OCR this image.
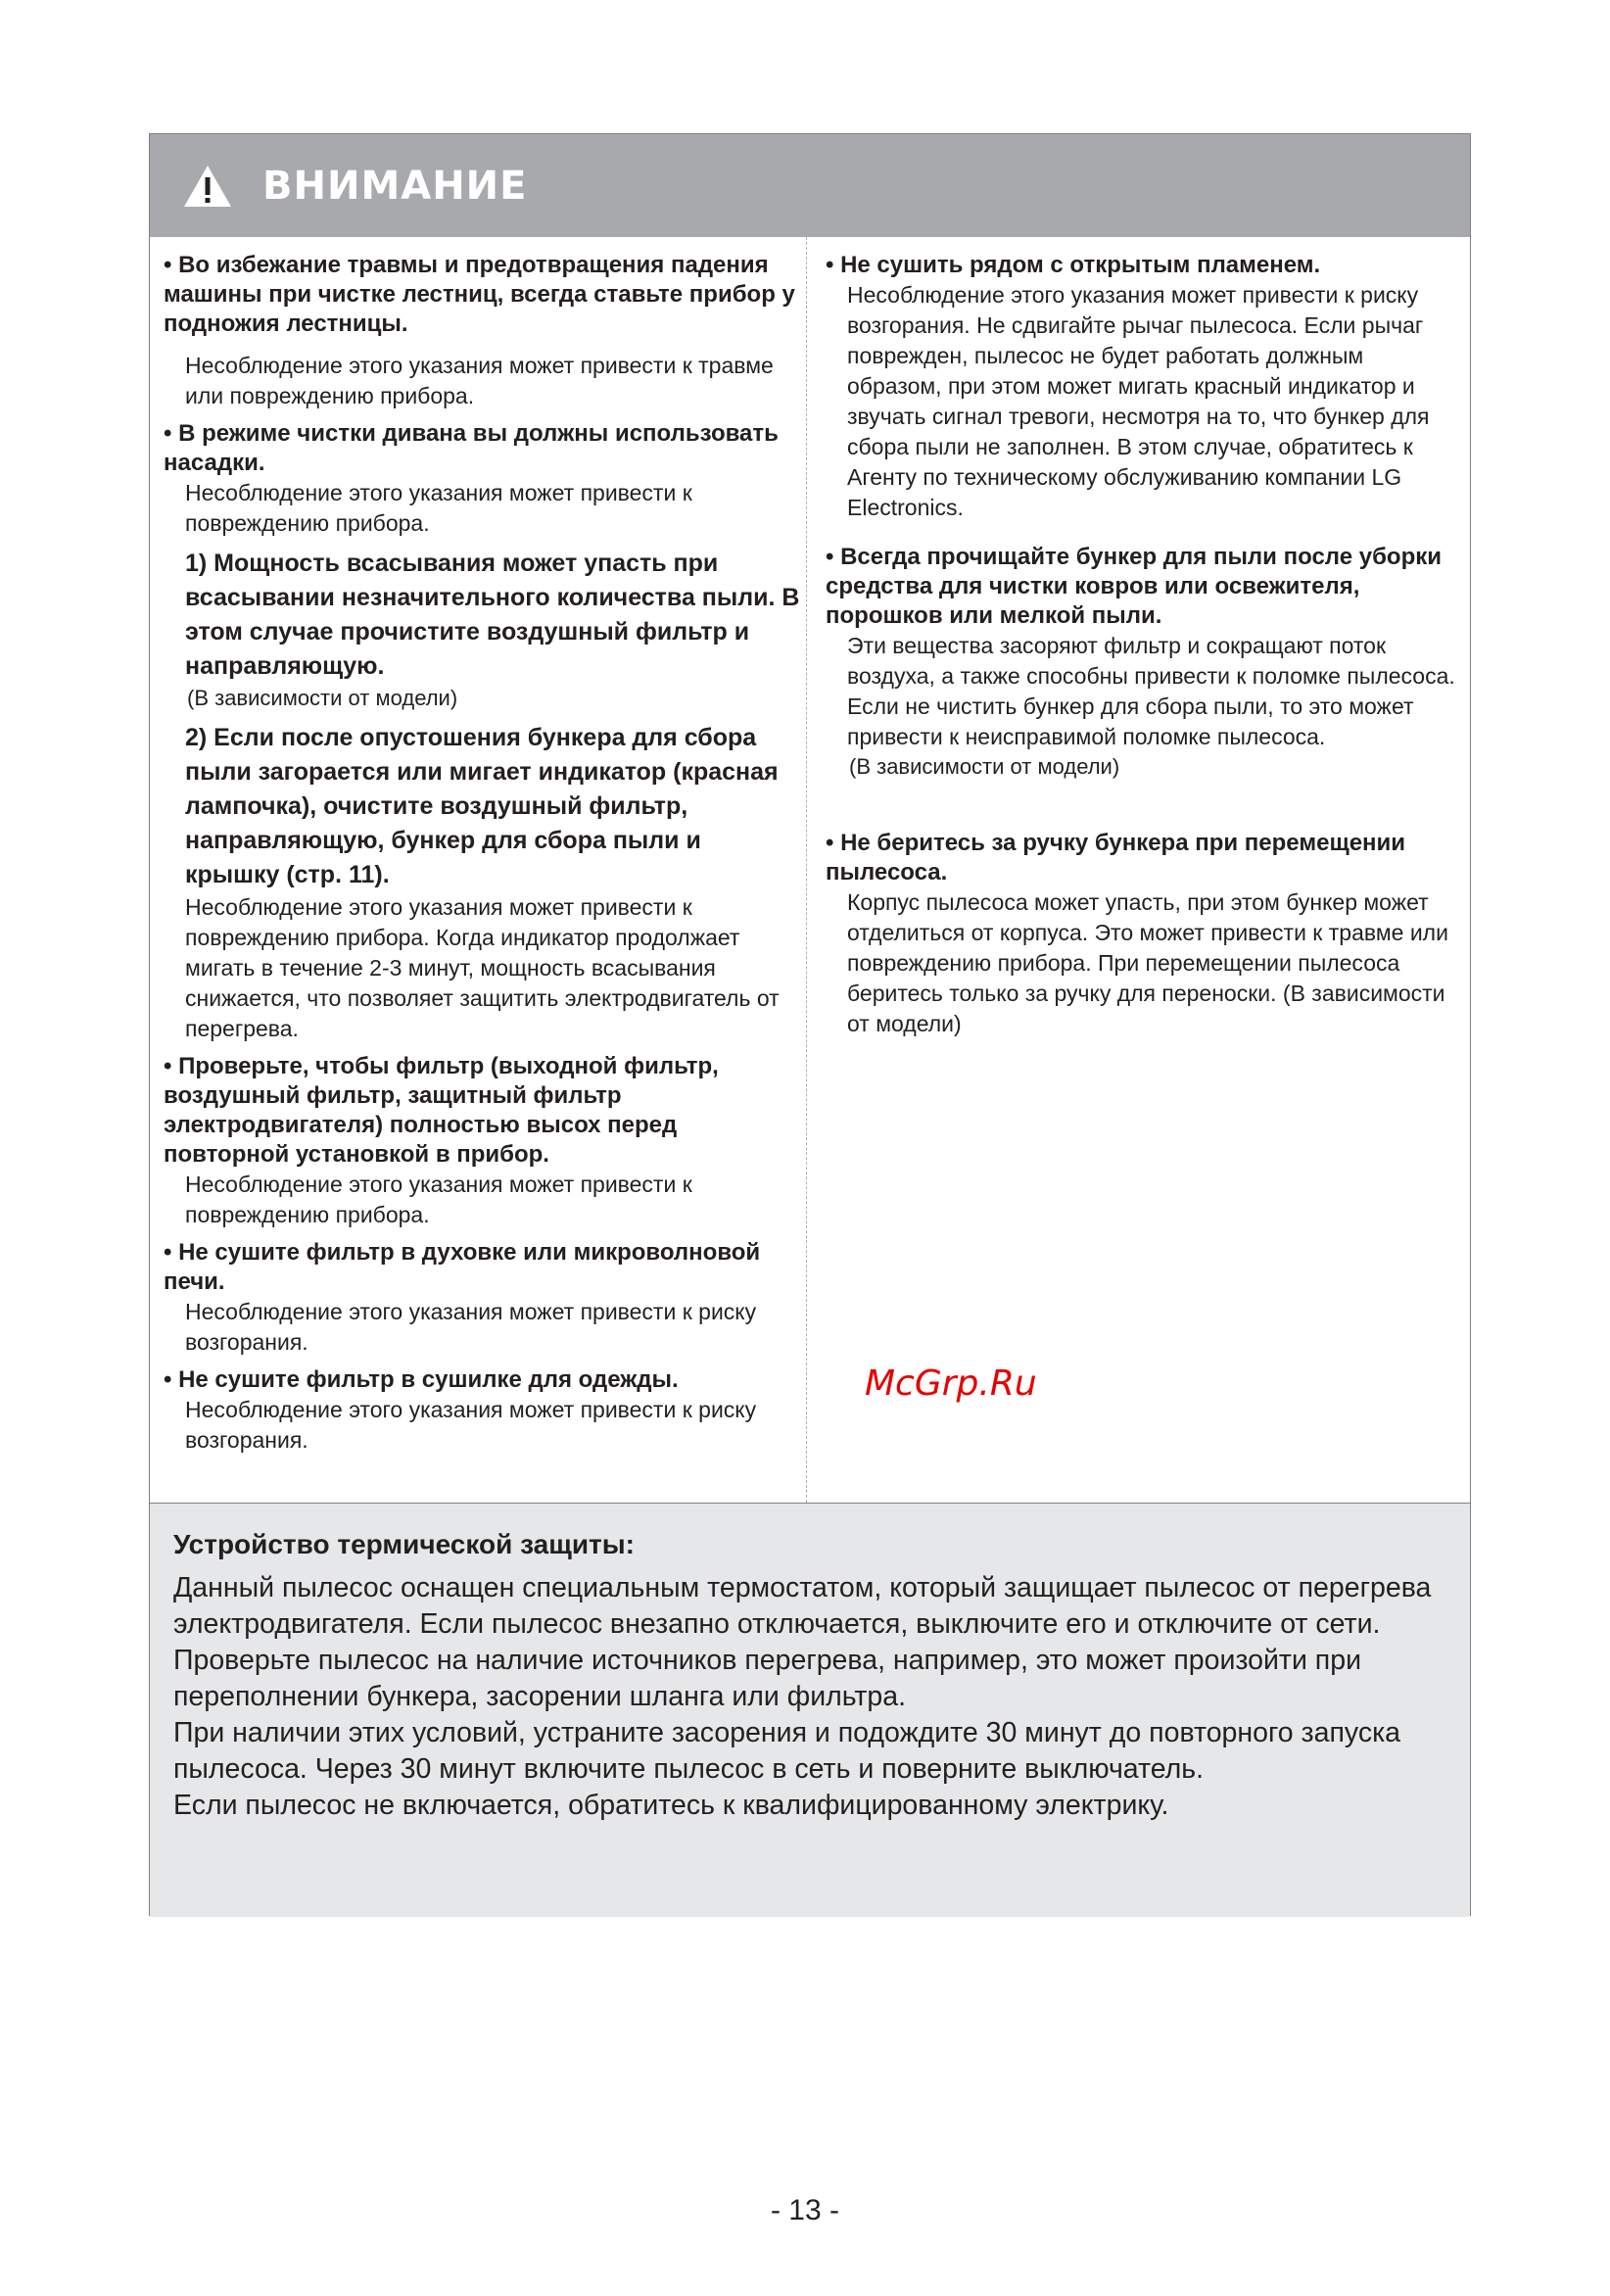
ВНИМАНИЕ
• Во избежание травмы и предотвращения падения машины при чистке лестниц, всегда ставьте прибор у подножия лестницы.
Несоблюдение этого указания может привести к травме или повреждению прибора.
• В режиме чистки дивана вы должны использовать насадки.
Несоблюдение этого указания может привести к повреждению прибора.
1) Мощность всасывания может упасть при всасывании незначительного количества пыли. В этом случае прочистите воздушный фильтр и направляющую.
(В зависимости от модели)
2) Если после опустошения бункера для сбора пыли загорается или мигает индикатор (красная лампочка), очистите воздушный фильтр, направляющую, бункер для сбора пыли и крышку (стр. 11).
Несоблюдение этого указания может привести к повреждению прибора. Когда индикатор продолжает мигать в течение 2-3 минут, мощность всасывания снижается, что позволяет защитить электродвигатель от перегрева.
• Проверьте, чтобы фильтр (выходной фильтр, воздушный фильтр, защитный фильтр электродвигателя) полностью высох перед повторной установкой в прибор.
Несоблюдение этого указания может привести к повреждению прибора.
• Не сушите фильтр в духовке или микроволновой печи.
Несоблюдение этого указания может привести к риску возгорания.
• Не сушите фильтр в сушилке для одежды.
Несоблюдение этого указания может привести к риску возгорания.
• Не сушить рядом с открытым пламенем.
Несоблюдение этого указания может привести к риску возгорания. Не сдвигайте рычаг пылесоса. Если рычаг поврежден, пылесос не будет работать должным образом, при этом может мигать красный индикатор и звучать сигнал тревоги, несмотря на то, что бункер для сбора пыли не заполнен. В этом случае, обратитесь к Агенту по техническому обслуживанию компании LG Electronics.
• Всегда прочищайте бункер для пыли после уборки средства для чистки ковров или освежителя, порошков или мелкой пыли.
Эти вещества засоряют фильтр и сокращают поток воздуха, а также способны привести к поломке пылесоса. Если не чистить бункер для сбора пыли, то это может привести к неисправимой поломке пылесоса.
(В зависимости от модели)
• Не беритесь за ручку бункера при перемещении пылесоса.
Корпус пылесоса может упасть, при этом бункер может отделиться от корпуса. Это может привести к травме или повреждению прибора. При перемещении пылесоса беритесь только за ручку для переноски. (В зависимости от модели)
McGrp.Ru
Устройство термической защиты:
Данный пылесос оснащен специальным термостатом, который защищает пылесос от перегрева электродвигателя. Если пылесос внезапно отключается, выключите его и отключите от сети.
Проверьте пылесос на наличие источников перегрева, например, это может произойти при переполнении бункера, засорении шланга или фильтра.
При наличии этих условий, устраните засорения и подождите 30 минут до повторного запуска пылесоса. Через 30 минут включите пылесос в сеть и поверните выключатель.
Если пылесос не включается, обратитесь к квалифицированному электрику.
- 13 -
